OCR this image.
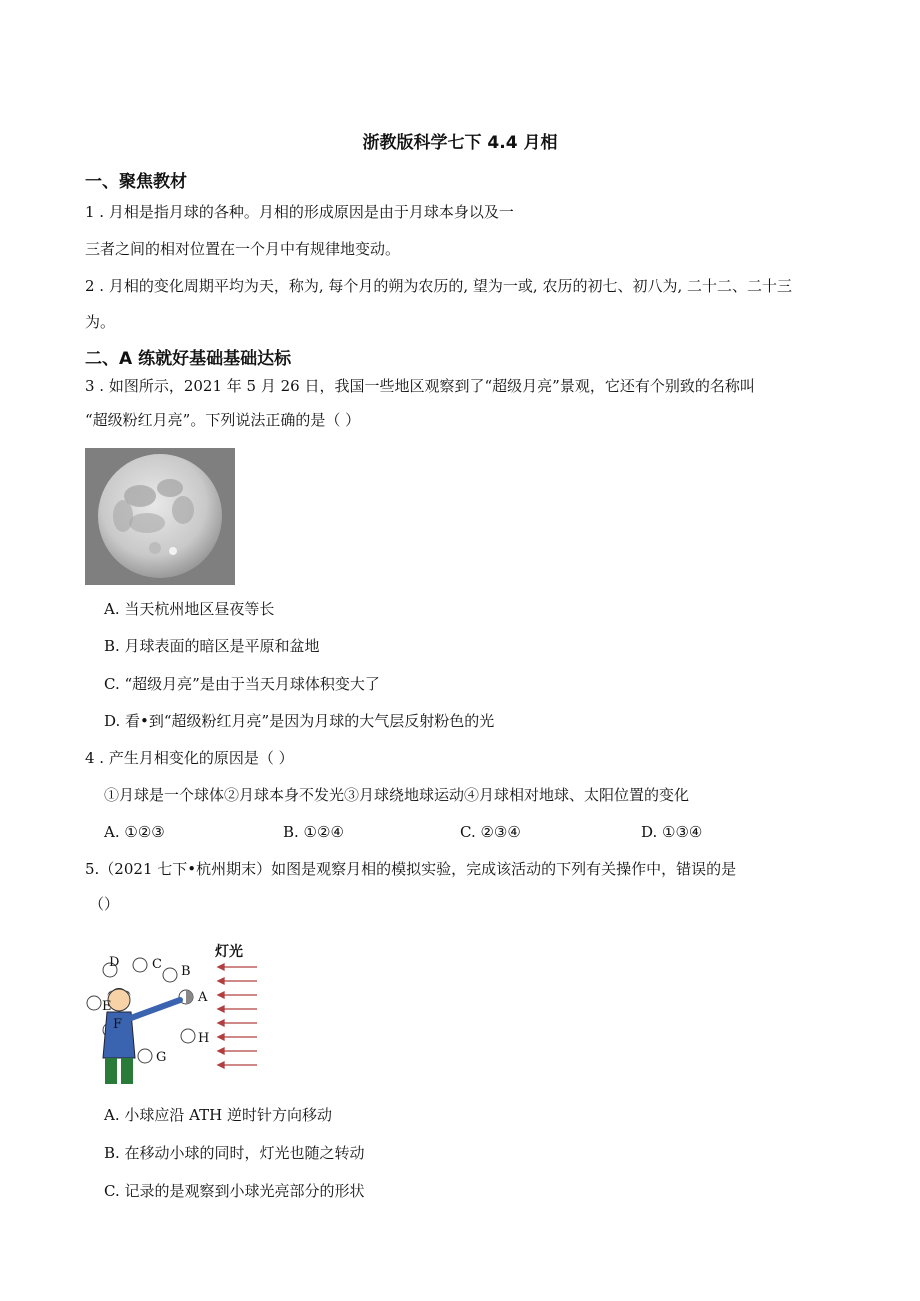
浙教版科学七下 4.4 月相
一、聚焦教材
1 . 月相是指月球的各种。月相的形成原因是由于月球本身以及一
三者之间的相对位置在一个月中有规律地变动。
2 . 月相的变化周期平均为天，称为, 每个月的朔为农历的, 望为一或, 农历的初七、初八为, 二十二、二十三
为。
二、A 练就好基础基础达标
3 . 如图所示，2021 年 5 月 26 日，我国一些地区观察到了“超级月亮”景观，它还有个别致的名称叫
“超级粉红月亮”。下列说法正确的是（ ）
A. 当天杭州地区昼夜等长
B. 月球表面的暗区是平原和盆地
C. “超级月亮”是由于当天月球体积变大了
D. 看•到“超级粉红月亮”是因为月球的大气层反射粉色的光
4 . 产生月相变化的原因是（ ）
①月球是一个球体②月球本身不发光③月球绕地球运动④月球相对地球、太阳位置的变化
A. ①②③	B. ①②④	C. ②③④	D. ①③④
5.（2021 七下•杭州期末）如图是观察月相的模拟实验，完成该活动的下列有关操作中，错误的是
（）
灯光
A
B
C
D
E
F
G
H
A. 小球应沿 ATH 逆时针方向移动
B. 在移动小球的同时，灯光也随之转动
C. 记录的是观察到小球光亮部分的形状
